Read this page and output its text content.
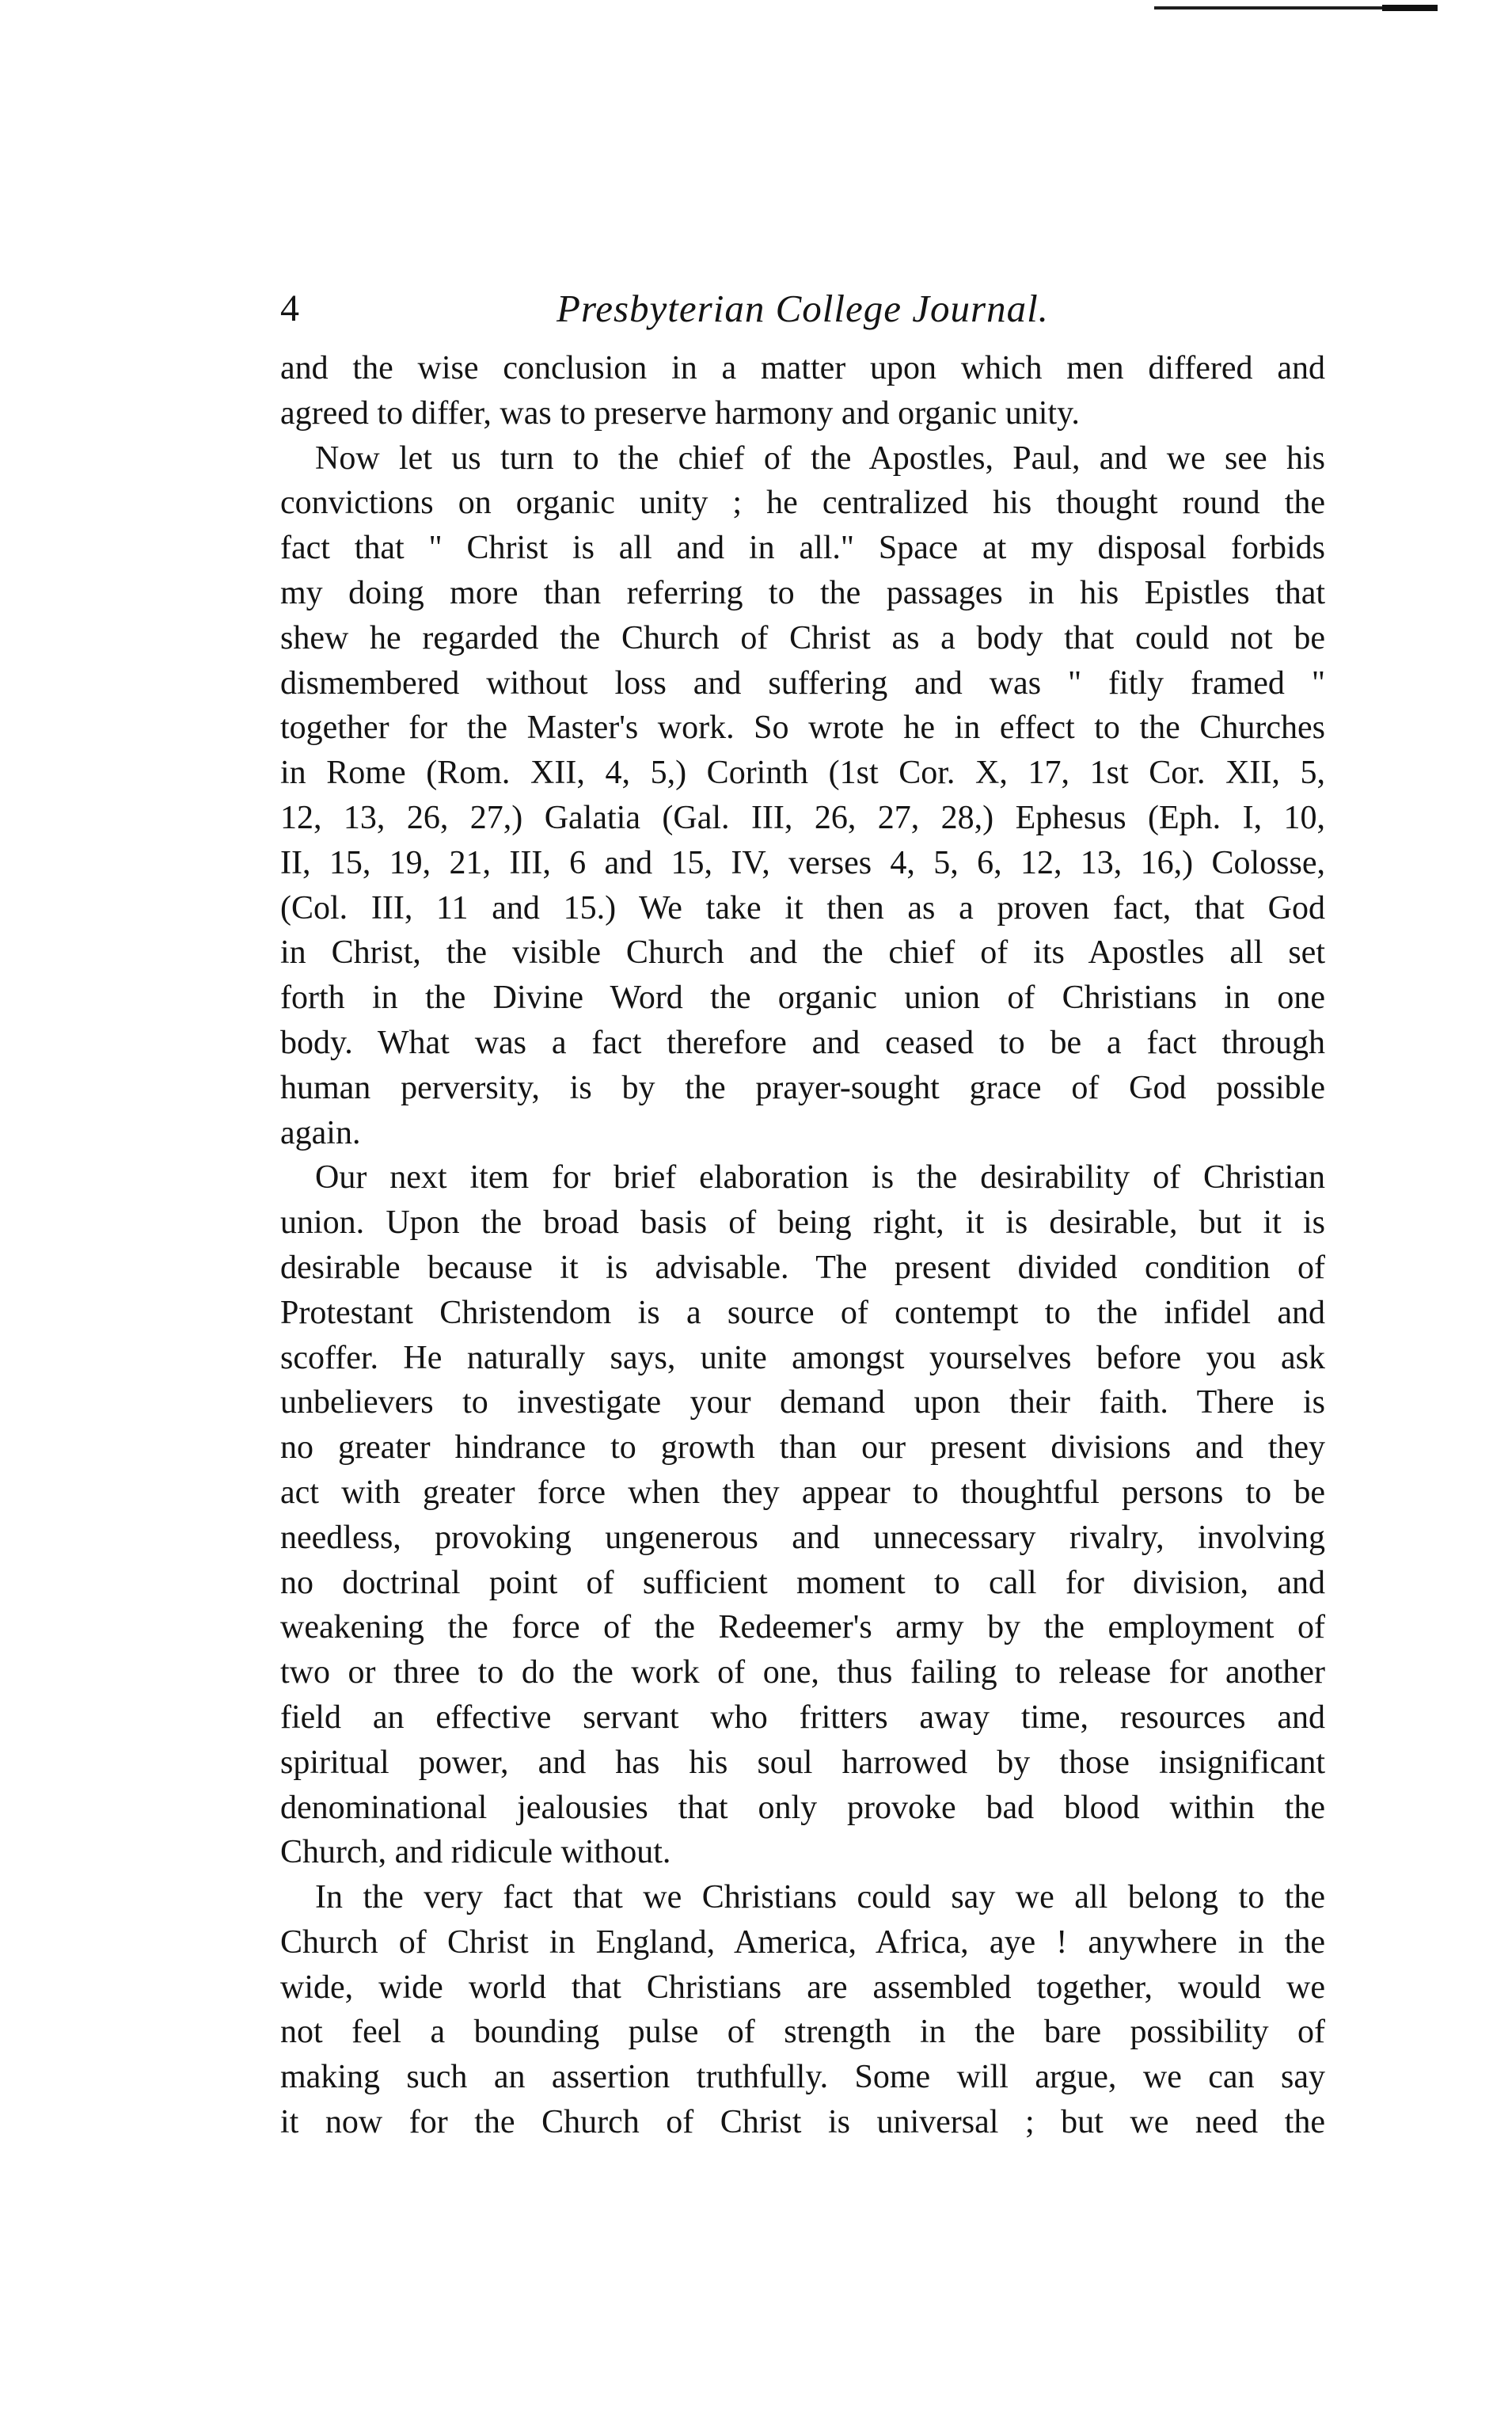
4	Presbyterian College Journal.
and the wise conclusion in a matter upon which men differed and
agreed to differ, was to preserve harmony and organic unity.
Now let us turn to the chief of the Apostles, Paul, and we see his
convictions on organic unity ; he centralized his thought round the
fact that " Christ is all and in all." Space at my disposal forbids
my doing more than referring to the passages in his Epistles that
shew he regarded the Church of Christ as a body that could not be
dismembered without loss and suffering and was " fitly framed "
together for the Master's work. So wrote he in effect to the Churches
in Rome (Rom. XII, 4, 5,) Corinth (1st Cor. X, 17, 1st Cor. XII, 5,
12, 13, 26, 27,) Galatia (Gal. III, 26, 27, 28,) Ephesus (Eph. I, 10,
II, 15, 19, 21, III, 6 and 15, IV, verses 4, 5, 6, 12, 13, 16,) Colosse,
(Col. III, 11 and 15.) We take it then as a proven fact, that God
in Christ, the visible Church and the chief of its Apostles all set
forth in the Divine Word the organic union of Christians in one
body. What was a fact therefore and ceased to be a fact through
human perversity, is by the prayer-sought grace of God possible
again.
Our next item for brief elaboration is the desirability of Christian
union. Upon the broad basis of being right, it is desirable, but it is
desirable because it is advisable. The present divided condition of
Protestant Christendom is a source of contempt to the infidel and
scoffer. He naturally says, unite amongst yourselves before you ask
unbelievers to investigate your demand upon their faith. There is
no greater hindrance to growth than our present divisions and they
act with greater force when they appear to thoughtful persons to be
needless, provoking ungenerous and unnecessary rivalry, involving
no doctrinal point of sufficient moment to call for division, and
weakening the force of the Redeemer's army by the employment of
two or three to do the work of one, thus failing to release for another
field an effective servant who fritters away time, resources and
spiritual power, and has his soul harrowed by those insignificant
denominational jealousies that only provoke bad blood within the
Church, and ridicule without.
In the very fact that we Christians could say we all belong to the
Church of Christ in England, America, Africa, aye ! anywhere in the
wide, wide world that Christians are assembled together, would we
not feel a bounding pulse of strength in the bare possibility of
making such an assertion truthfully. Some will argue, we can say
it now for the Church of Christ is universal ; but we need the
